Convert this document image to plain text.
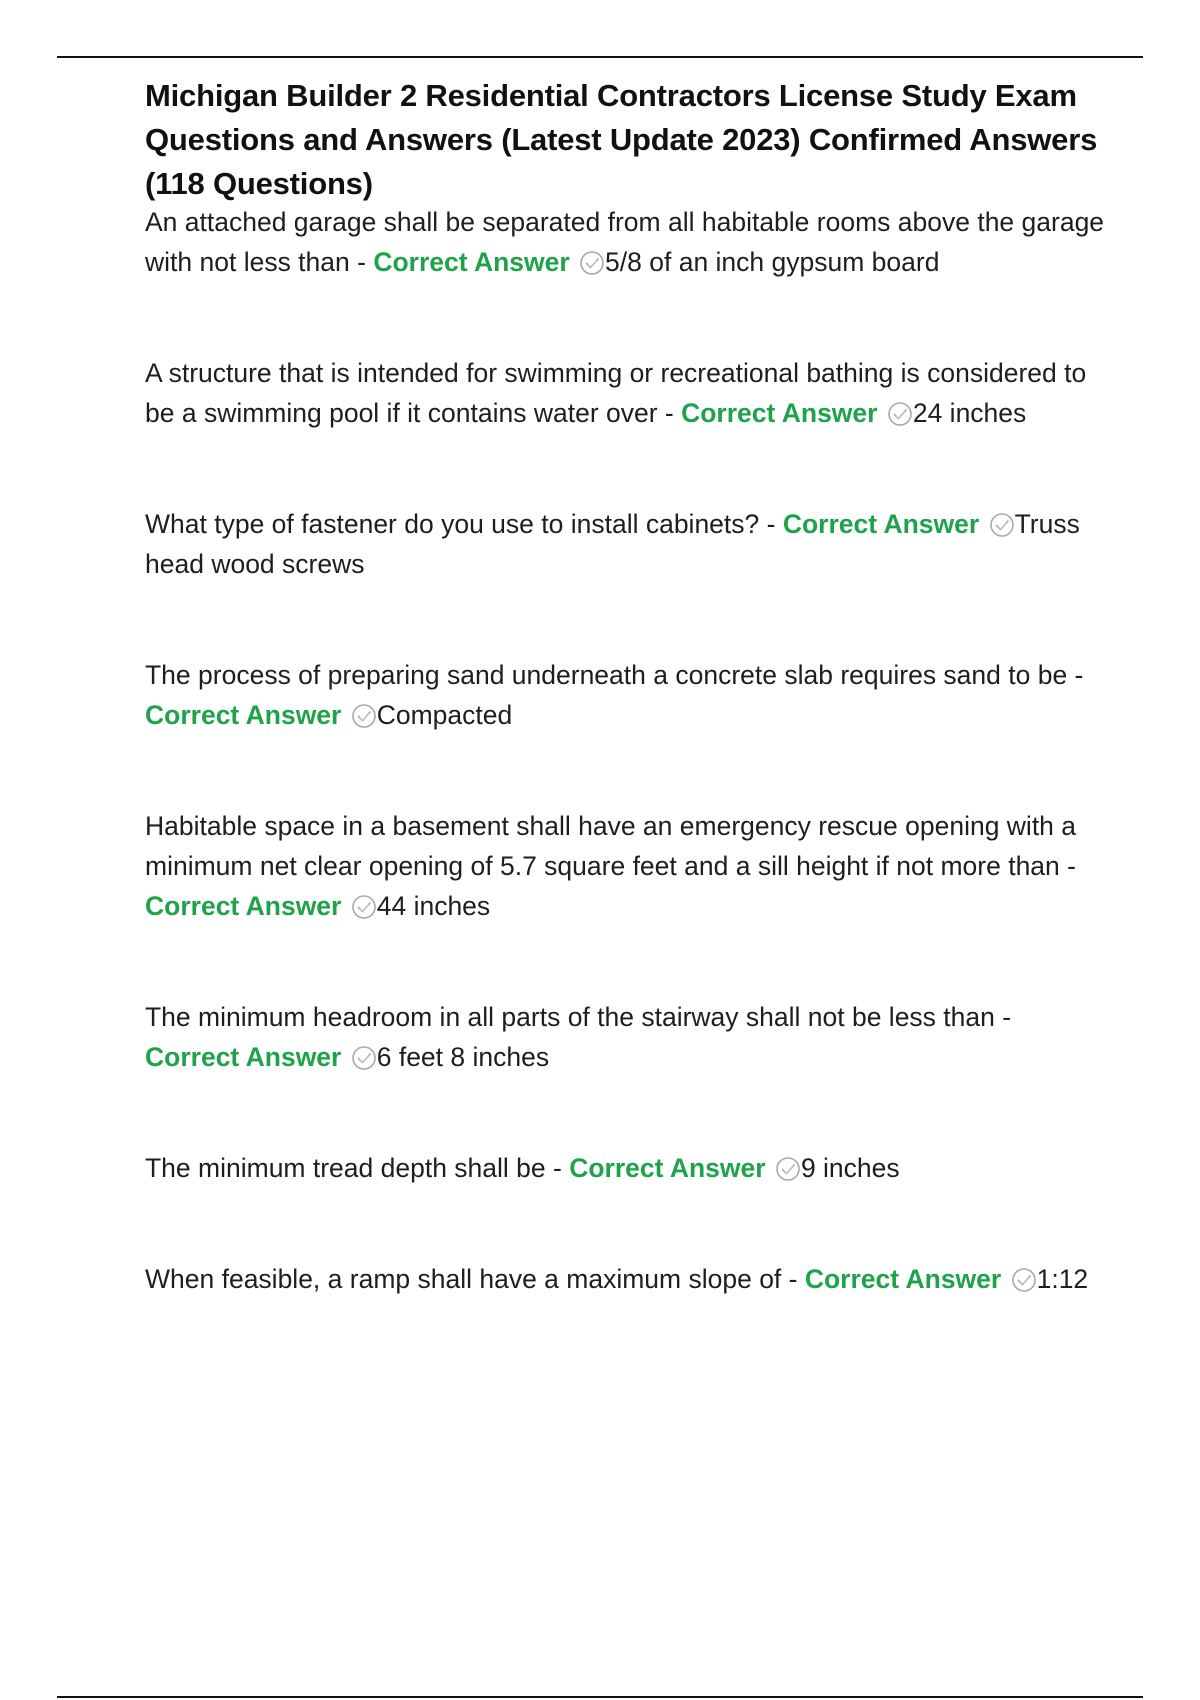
Michigan Builder 2 Residential Contractors License Study Exam Questions and Answers (Latest Update 2023) Confirmed Answers (118 Questions)

An attached garage shall be separated from all habitable rooms above the garage with not less than - Correct Answer 5/8 of an inch gypsum board

A structure that is intended for swimming or recreational bathing is considered to be a swimming pool if it contains water over - Correct Answer 24 inches

What type of fastener do you use to install cabinets? - Correct Answer Truss head wood screws

The process of preparing sand underneath a concrete slab requires sand to be - Correct Answer Compacted

Habitable space in a basement shall have an emergency rescue opening with a minimum net clear opening of 5.7 square feet and a sill height if not more than - Correct Answer 44 inches

The minimum headroom in all parts of the stairway shall not be less than - Correct Answer 6 feet 8 inches

The minimum tread depth shall be - Correct Answer 9 inches

When feasible, a ramp shall have a maximum slope of - Correct Answer 1:12
